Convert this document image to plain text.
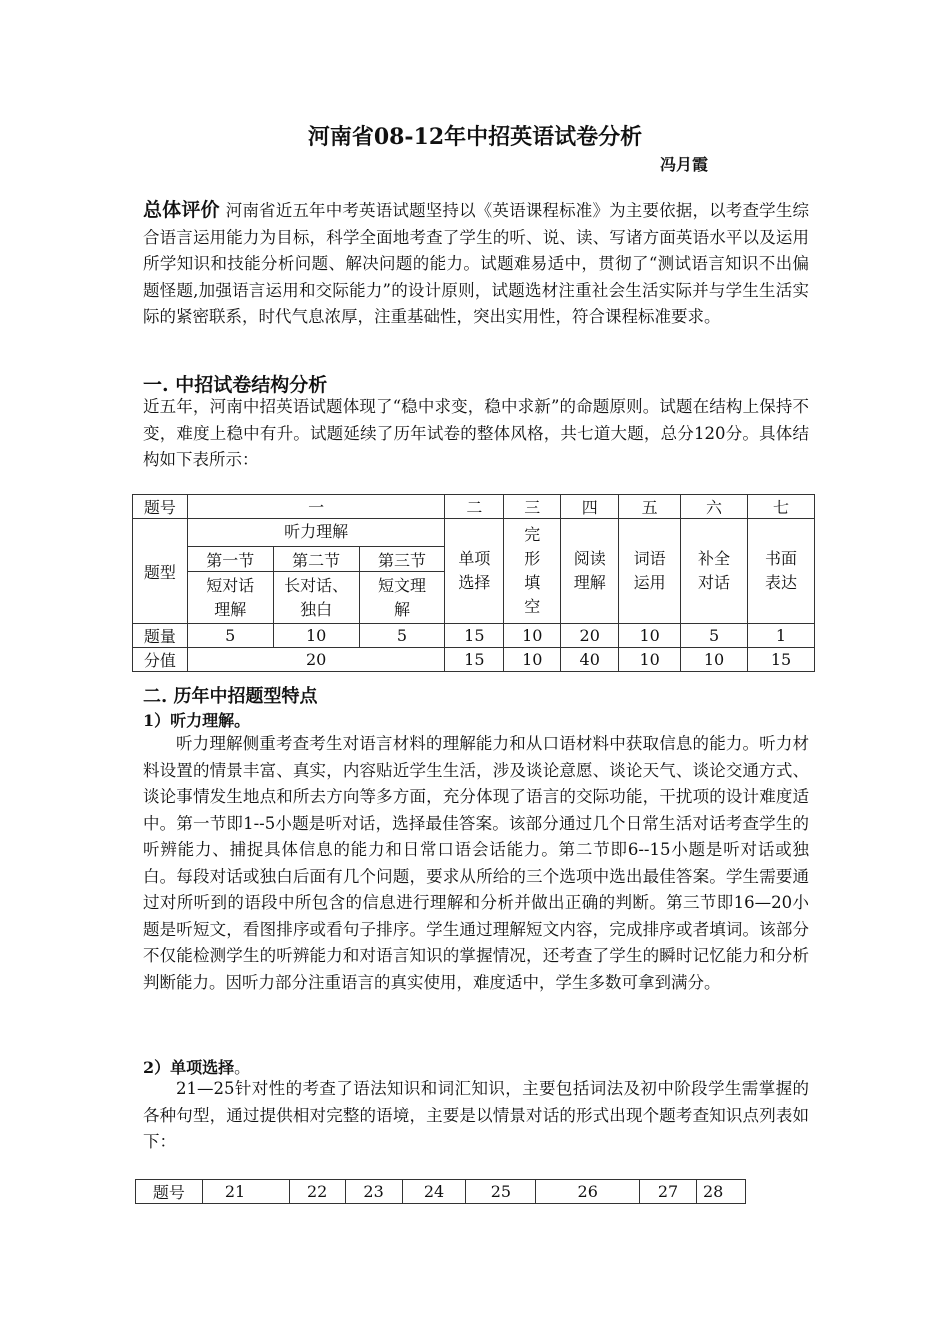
河南省08-12年中招英语试卷分析
冯月霞
总体评价 河南省近五年中考英语试题坚持以《英语课程标准》为主要依据，以考查学生综合语言运用能力为目标，科学全面地考查了学生的听、说、读、写诸方面英语水平以及运用所学知识和技能分析问题、解决问题的能力。试题难易适中，贯彻了“测试语言知识不出偏题怪题,加强语言运用和交际能力”的设计原则，试题选材注重社会生活实际并与学生生活实际的紧密联系，时代气息浓厚，注重基础性，突出实用性，符合课程标准要求。
一. 中招试卷结构分析
近五年，河南中招英语试题体现了“稳中求变，稳中求新”的命题原则。试题在结构上保持不变，难度上稳中有升。试题延续了历年试卷的整体风格，共七道大题，总分120分。具体结构如下表所示：
题号	一			二	三	四	五	六	七
题型	听力理解			单项选择	完形填空	阅读理解	词语运用	补全对话	书面表达
	第一节	第二节	第三节						
	短对话理解	长对话、独白	短文理解						
题量	5	10	5	15	10	20	10	5	1
分值	20			15	10	40	10	10	15
二. 历年中招题型特点
1）听力理解。
听力理解侧重考查考生对语言材料的理解能力和从口语材料中获取信息的能力。听力材料设置的情景丰富、真实，内容贴近学生生活，涉及谈论意愿、谈论天气、谈论交通方式、谈论事情发生地点和所去方向等多方面，充分体现了语言的交际功能，干扰项的设计难度适中。第一节即1--5小题是听对话，选择最佳答案。该部分通过几个日常生活对话考查学生的听辨能力、捕捉具体信息的能力和日常口语会话能力。第二节即6--15小题是听对话或独白。每段对话或独白后面有几个问题，要求从所给的三个选项中选出最佳答案。学生需要通过对所听到的语段中所包含的信息进行理解和分析并做出正确的判断。第三节即16—20小题是听短文，看图排序或看句子排序。学生通过理解短文内容，完成排序或者填词。该部分不仅能检测学生的听辨能力和对语言知识的掌握情况，还考查了学生的瞬时记忆能力和分析判断能力。因听力部分注重语言的真实使用，难度适中，学生多数可拿到满分。
2）单项选择。
21—25针对性的考查了语法知识和词汇知识，主要包括词法及初中阶段学生需掌握的各种句型，通过提供相对完整的语境，主要是以情景对话的形式出现个题考查知识点列表如下：
题号	21	22	23	24	25	26	27	28
